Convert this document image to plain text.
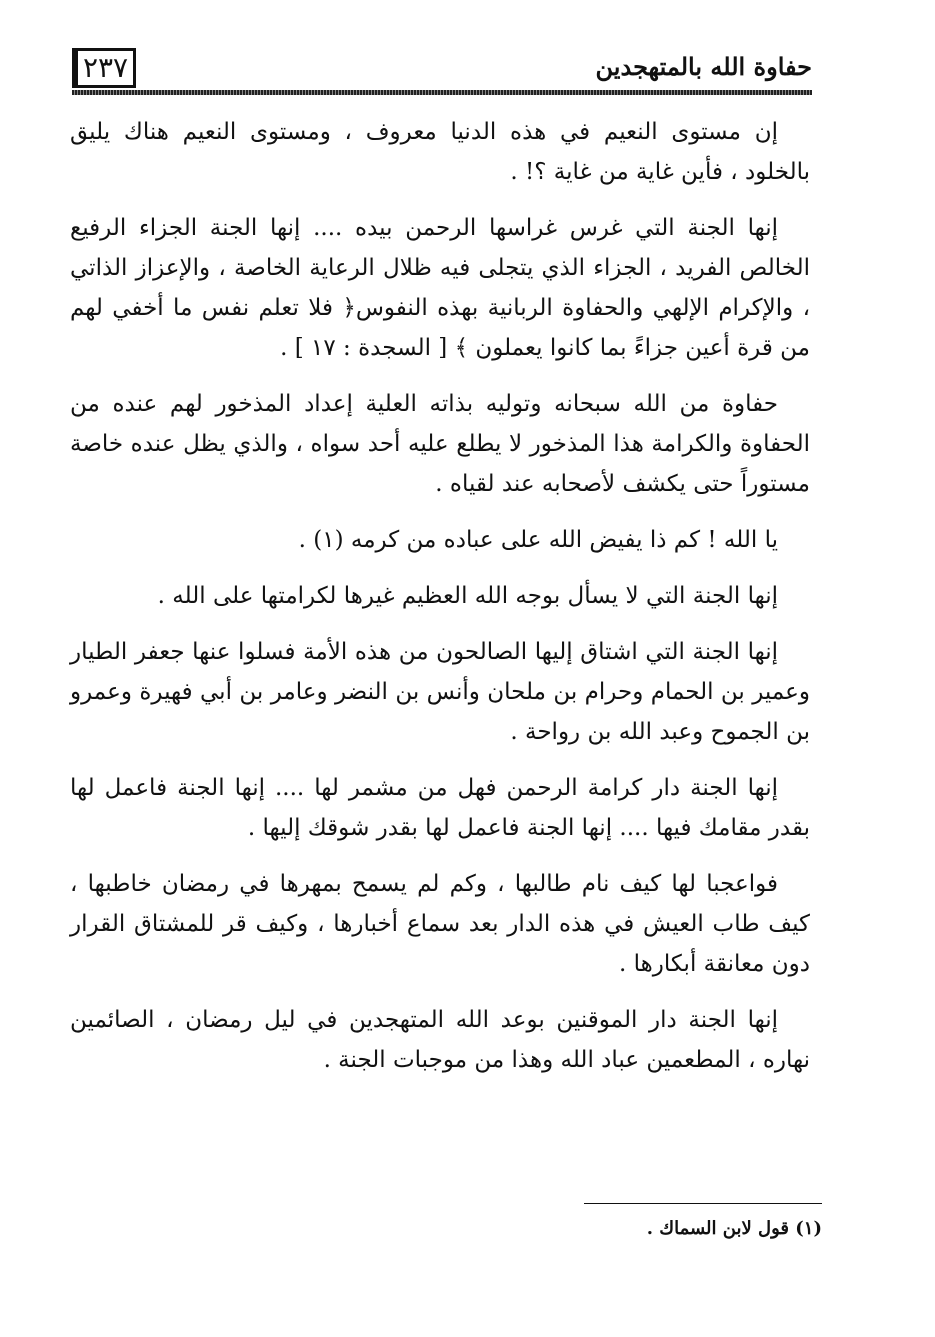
٢٣٧	حفاوة الله بالمتهجدين

إن مستوى النعيم في هذه الدنيا معروف ، ومستوى النعيم هناك يليق بالخلود ، فأين غاية من غاية ؟! .

إنها الجنة التي غرس غراسها الرحمن بيده .... إنها الجنة الجزاء الرفيع الخالص الفريد ، الجزاء الذي يتجلى فيه ظلال الرعاية الخاصة ، والإعزاز الذاتي ، والإكرام الإلهي والحفاوة الربانية بهذه النفوس﴿ فلا تعلم نفس ما أخفي لهم من قرة أعين جزاءً بما كانوا يعملون ﴾ [ السجدة : ١٧ ] .

حفاوة من الله سبحانه وتوليه بذاته العلية إعداد المذخور لهم عنده من الحفاوة والكرامة هذا المذخور لا يطلع عليه أحد سواه ، والذي يظل عنده خاصة مستوراً حتى يكشف لأصحابه عند لقياه .

يا الله ! كم ذا يفيض الله على عباده من كرمه (١) .

إنها الجنة التي لا يسأل بوجه الله العظيم غيرها لكرامتها على الله .

إنها الجنة التي اشتاق إليها الصالحون من هذه الأمة فسلوا عنها جعفر الطيار وعمير بن الحمام وحرام بن ملحان وأنس بن النضر وعامر بن أبي فهيرة وعمرو بن الجموح وعبد الله بن رواحة .

إنها الجنة دار كرامة الرحمن فهل من مشمر لها .... إنها الجنة فاعمل لها بقدر مقامك فيها .... إنها الجنة فاعمل لها بقدر شوقك إليها .

فواعجبا لها كيف نام طالبها ، وكم لم يسمح بمهرها في رمضان خاطبها ، كيف طاب العيش في هذه الدار بعد سماع أخبارها ، وكيف قر للمشتاق القرار دون معانقة أبكارها .

إنها الجنة دار الموقنين بوعد الله المتهجدين في ليل رمضان ، الصائمين نهاره ، المطعمين عباد الله وهذا من موجبات الجنة .

(١) قول لابن السماك .
